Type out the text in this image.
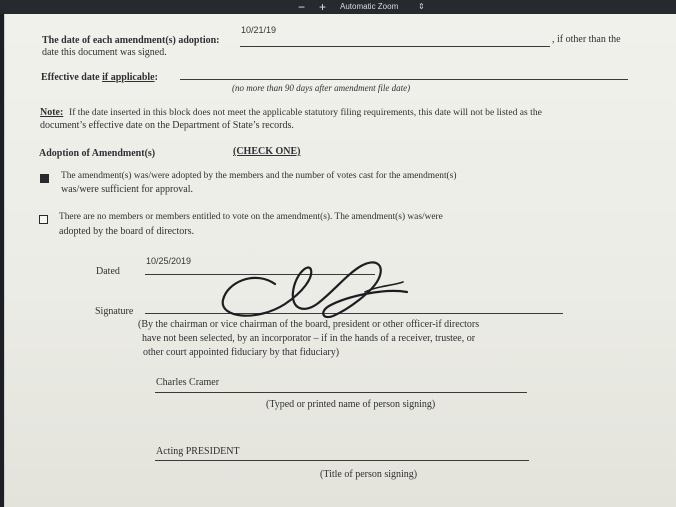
− + Automatic Zoom ⇕
10/21/19
The date of each amendment(s) adoption:	, if other than the
date this document was signed.
Effective date if applicable:
(no more than 90 days after amendment file date)
Note: If the date inserted in this block does not meet the applicable statutory filing requirements, this date will not be listed as the
document’s effective date on the Department of State’s records.
Adoption of Amendment(s)	(CHECK ONE)
The amendment(s) was/were adopted by the members and the number of votes cast for the amendment(s)
was/were sufficient for approval.
There are no members or members entitled to vote on the amendment(s). The amendment(s) was/were
adopted by the board of directors.
10/25/2019
Dated
Signature
(By the chairman or vice chairman of the board, president or other officer-if directors
have not been selected, by an incorporator – if in the hands of a receiver, trustee, or
other court appointed fiduciary by that fiduciary)
Charles Cramer
(Typed or printed name of person signing)
Acting PRESIDENT
(Title of person signing)
